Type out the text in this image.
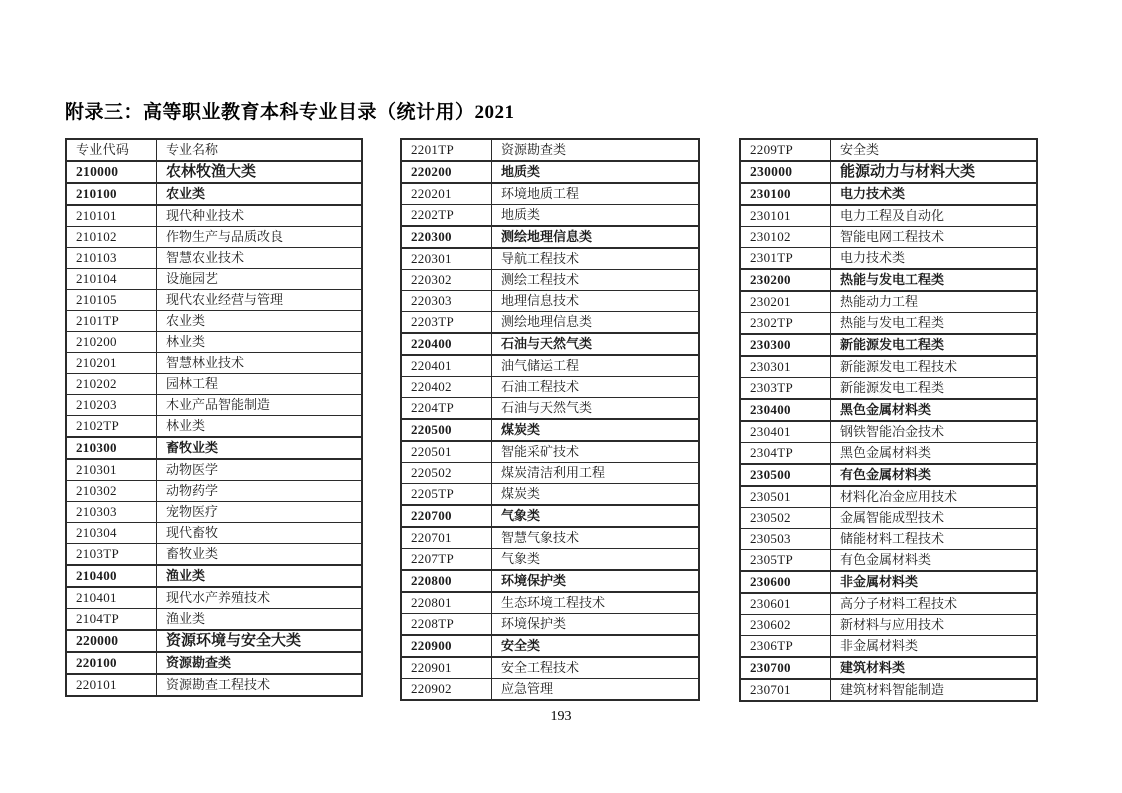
附录三：高等职业教育本科专业目录（统计用）2021
专业代码	专业名称
210000	农林牧渔大类
210100	农业类
210101	现代种业技术
210102	作物生产与品质改良
210103	智慧农业技术
210104	设施园艺
210105	现代农业经营与管理
2101TP	农业类
210200	林业类
210201	智慧林业技术
210202	园林工程
210203	木业产品智能制造
2102TP	林业类
210300	畜牧业类
210301	动物医学
210302	动物药学
210303	宠物医疗
210304	现代畜牧
2103TP	畜牧业类
210400	渔业类
210401	现代水产养殖技术
2104TP	渔业类
220000	资源环境与安全大类
220100	资源勘查类
220101	资源勘查工程技术
2201TP	资源勘查类
220200	地质类
220201	环境地质工程
2202TP	地质类
220300	测绘地理信息类
220301	导航工程技术
220302	测绘工程技术
220303	地理信息技术
2203TP	测绘地理信息类
220400	石油与天然气类
220401	油气储运工程
220402	石油工程技术
2204TP	石油与天然气类
220500	煤炭类
220501	智能采矿技术
220502	煤炭清洁利用工程
2205TP	煤炭类
220700	气象类
220701	智慧气象技术
2207TP	气象类
220800	环境保护类
220801	生态环境工程技术
2208TP	环境保护类
220900	安全类
220901	安全工程技术
220902	应急管理
2209TP	安全类
230000	能源动力与材料大类
230100	电力技术类
230101	电力工程及自动化
230102	智能电网工程技术
2301TP	电力技术类
230200	热能与发电工程类
230201	热能动力工程
2302TP	热能与发电工程类
230300	新能源发电工程类
230301	新能源发电工程技术
2303TP	新能源发电工程类
230400	黑色金属材料类
230401	钢铁智能冶金技术
2304TP	黑色金属材料类
230500	有色金属材料类
230501	材料化冶金应用技术
230502	金属智能成型技术
230503	储能材料工程技术
2305TP	有色金属材料类
230600	非金属材料类
230601	高分子材料工程技术
230602	新材料与应用技术
2306TP	非金属材料类
230700	建筑材料类
230701	建筑材料智能制造
193
